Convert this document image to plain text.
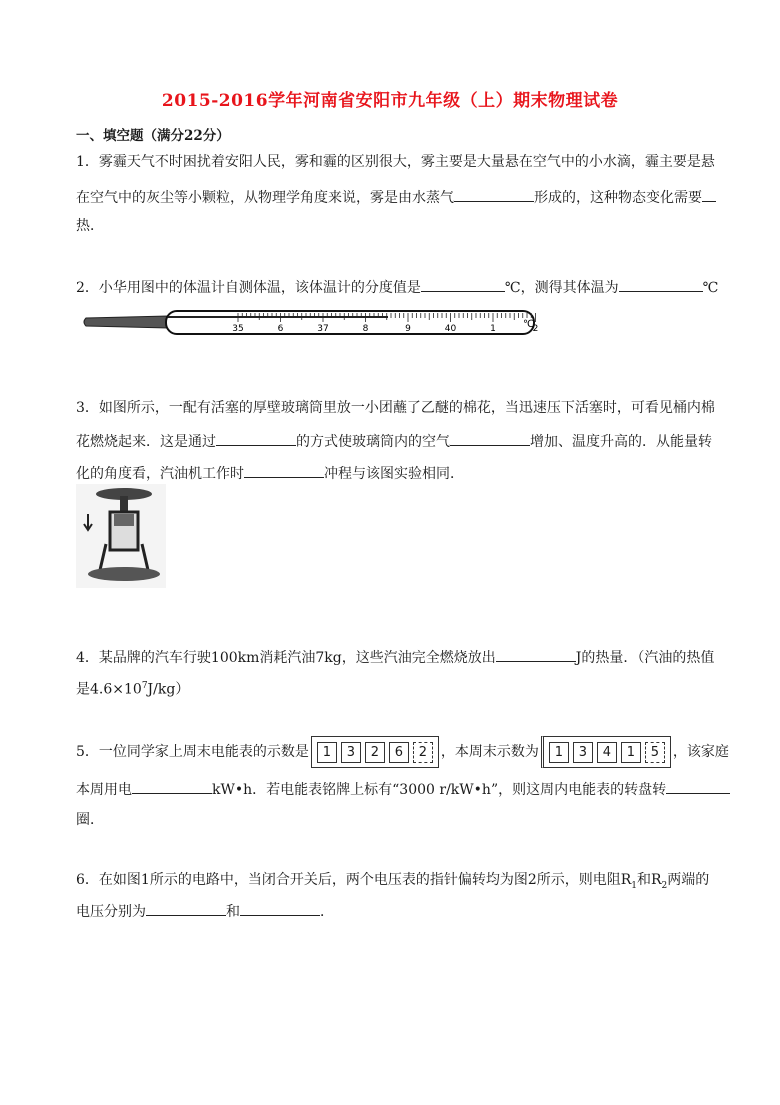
2015-2016学年河南省安阳市九年级（上）期末物理试卷
一、填空题（满分22分）
1．雾霾天气不时困扰着安阳人民，雾和霾的区别很大，雾主要是大量悬在空气中的小水滴，霾主要是悬
在空气中的灰尘等小颗粒，从物理学角度来说，雾是由水蒸气	形成的，这种物态变化需要
热．
2．小华用图中的体温计自测体温，该体温计的分度值是	℃，测得其体温为	℃
35	6	37	8	9	40	1	2
℃
3．如图所示，一配有活塞的厚壁玻璃筒里放一小团蘸了乙醚的棉花，当迅速压下活塞时，可看见桶内棉
花燃烧起来．这是通过	的方式使玻璃筒内的空气	增加、温度升高的．从能量转
化的角度看，汽油机工作时	冲程与该图实验相同．
4．某品牌的汽车行驶100km消耗汽油7kg，这些汽油完全燃烧放出	J的热量．（汽油的热值
是$4.6\times 10^7J/kg$）
5．一位同学家上周末电能表的示数是	1	3	2	6	2 ，本周末示数为	1	3	4	1	5 ，该家庭
本周用电	kW•h．若电能表铭牌上标有“3000 r/kW•h”，则这周内电能表的转盘转
圈．
6．在如图1所示的电路中，当闭合开关后，两个电压表的指针偏转均为图2所示，则电阻$R_1$和$R_2$两端的
电压分别为	和	．
